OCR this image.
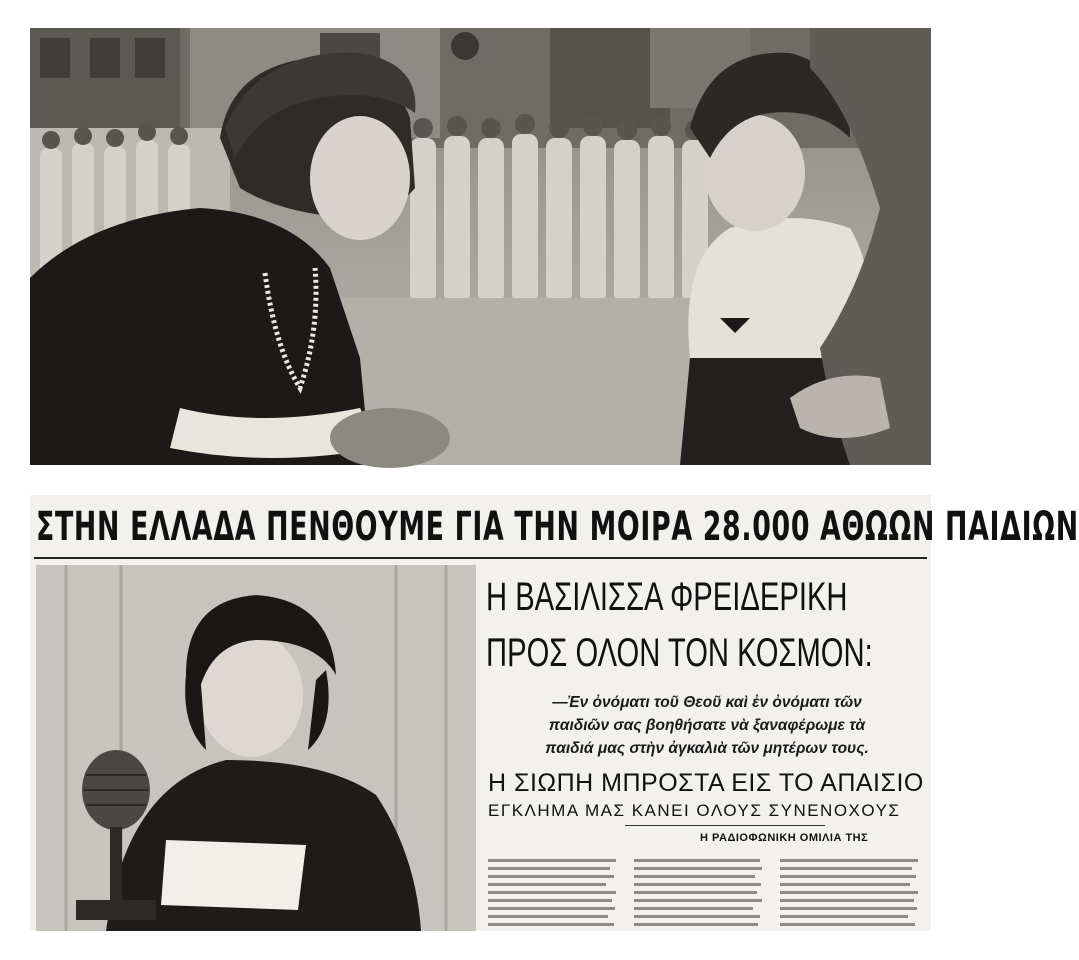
ΣΤΗΝ ΕΛΛΑΔΑ ΠΕΝΘΟΥΜΕ ΓΙΑ ΤΗΝ ΜΟΙΡΑ 28.000 ΑΘΩΩΝ ΠΑΙΔΙΩΝ
Η ΒΑΣΙΛΙΣΣΑ ΦΡΕΙΔΕΡΙΚΗ
ΠΡΟΣ ΟΛΟΝ ΤΟΝ ΚΟΣΜΟΝ:
—Ἐν ὀνόματι τοῦ Θεοῦ καὶ ἐν ὀνόματι τῶν
παιδιῶν σας βοηθήσατε νὰ ξαναφέρωμε τὰ
παιδιά μας στὴν ἀγκαλιὰ τῶν μητέρων τους.
Η ΣΙΩΠΗ ΜΠΡΟΣΤΑ ΕΙΣ ΤΟ ΑΠΑΙΣΙΟ
ΕΓΚΛΗΜΑ ΜΑΣ ΚΑΝΕΙ ΟΛΟΥΣ ΣΥΝΕΝΟΧΟΥΣ
Η ΡΑΔΙΟΦΩΝΙΚΗ ΟΜΙΛΙΑ ΤΗΣ
